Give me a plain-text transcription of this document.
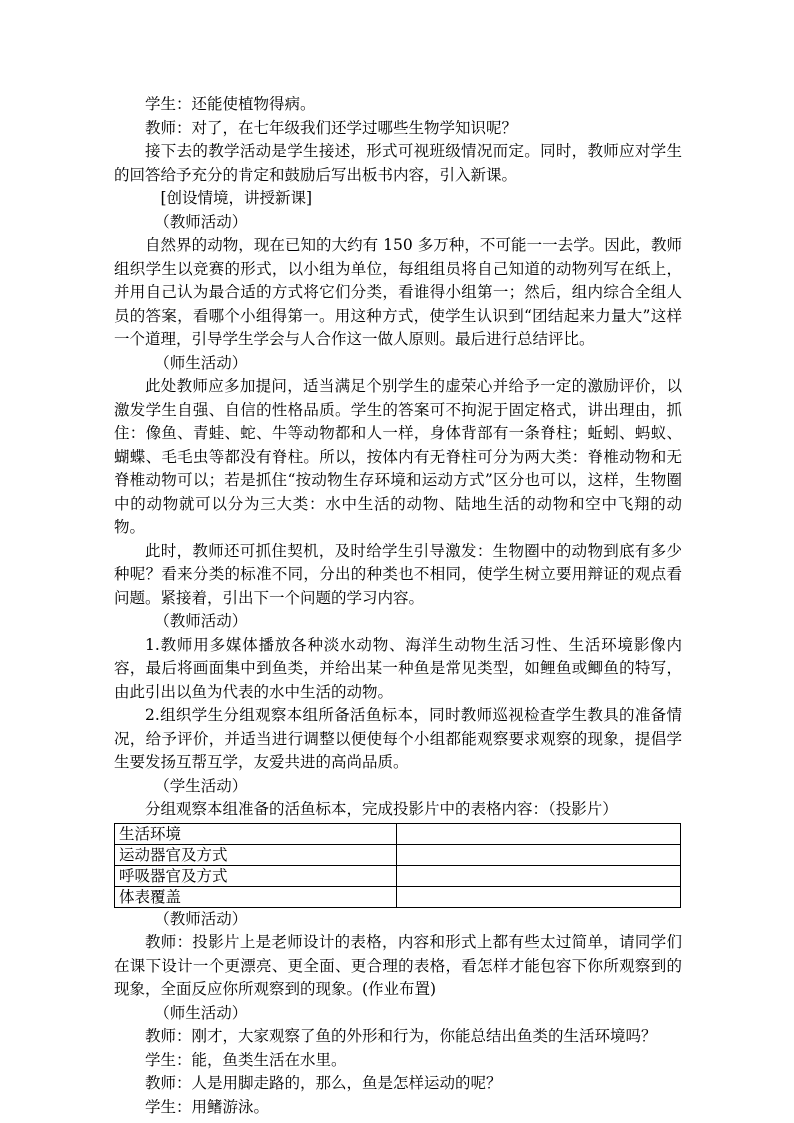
学生：还能使植物得病。

教师：对了，在七年级我们还学过哪些生物学知识呢？

接下去的教学活动是学生接述，形式可视班级情况而定。同时，教师应对学生的回答给予充分的肯定和鼓励后写出板书内容，引入新课。

[创设情境，讲授新课]

（教师活动）

自然界的动物，现在已知的大约有 150 多万种，不可能一一去学。因此，教师组织学生以竞赛的形式，以小组为单位，每组组员将自己知道的动物列写在纸上，并用自己认为最合适的方式将它们分类，看谁得小组第一；然后，组内综合全组人员的答案，看哪个小组得第一。用这种方式，使学生认识到“团结起来力量大”这样一个道理，引导学生学会与人合作这一做人原则。最后进行总结评比。

（师生活动）

此处教师应多加提问，适当满足个别学生的虚荣心并给予一定的激励评价，以激发学生自强、自信的性格品质。学生的答案可不拘泥于固定格式，讲出理由，抓住：像鱼、青蛙、蛇、牛等动物都和人一样，身体背部有一条脊柱；蚯蚓、蚂蚁、蝴蝶、毛毛虫等都没有脊柱。所以，按体内有无脊柱可分为两大类：脊椎动物和无脊椎动物可以；若是抓住“按动物生存环境和运动方式”区分也可以，这样，生物圈中的动物就可以分为三大类：水中生活的动物、陆地生活的动物和空中飞翔的动物。

此时，教师还可抓住契机，及时给学生引导激发：生物圈中的动物到底有多少种呢？看来分类的标准不同，分出的种类也不相同，使学生树立要用辩证的观点看问题。紧接着，引出下一个问题的学习内容。

（教师活动）

1.教师用多媒体播放各种淡水动物、海洋生动物生活习性、生活环境影像内容，最后将画面集中到鱼类，并给出某一种鱼是常见类型，如鲤鱼或鲫鱼的特写，由此引出以鱼为代表的水中生活的动物。

2.组织学生分组观察本组所备活鱼标本，同时教师巡视检查学生教具的准备情况，给予评价，并适当进行调整以便使每个小组都能观察要求观察的现象，提倡学生要发扬互帮互学，友爱共进的高尚品质。

（学生活动）

分组观察本组准备的活鱼标本，完成投影片中的表格内容：（投影片）

生活环境	
运动器官及方式	
呼吸器官及方式	
体表覆盖	

（教师活动）

教师：投影片上是老师设计的表格，内容和形式上都有些太过简单，请同学们在课下设计一个更漂亮、更全面、更合理的表格，看怎样才能包容下你所观察到的现象，全面反应你所观察到的现象。(作业布置)

（师生活动）

教师：刚才，大家观察了鱼的外形和行为，你能总结出鱼类的生活环境吗？

学生：能，鱼类生活在水里。

教师：人是用脚走路的，那么，鱼是怎样运动的呢？

学生：用鳍游泳。
